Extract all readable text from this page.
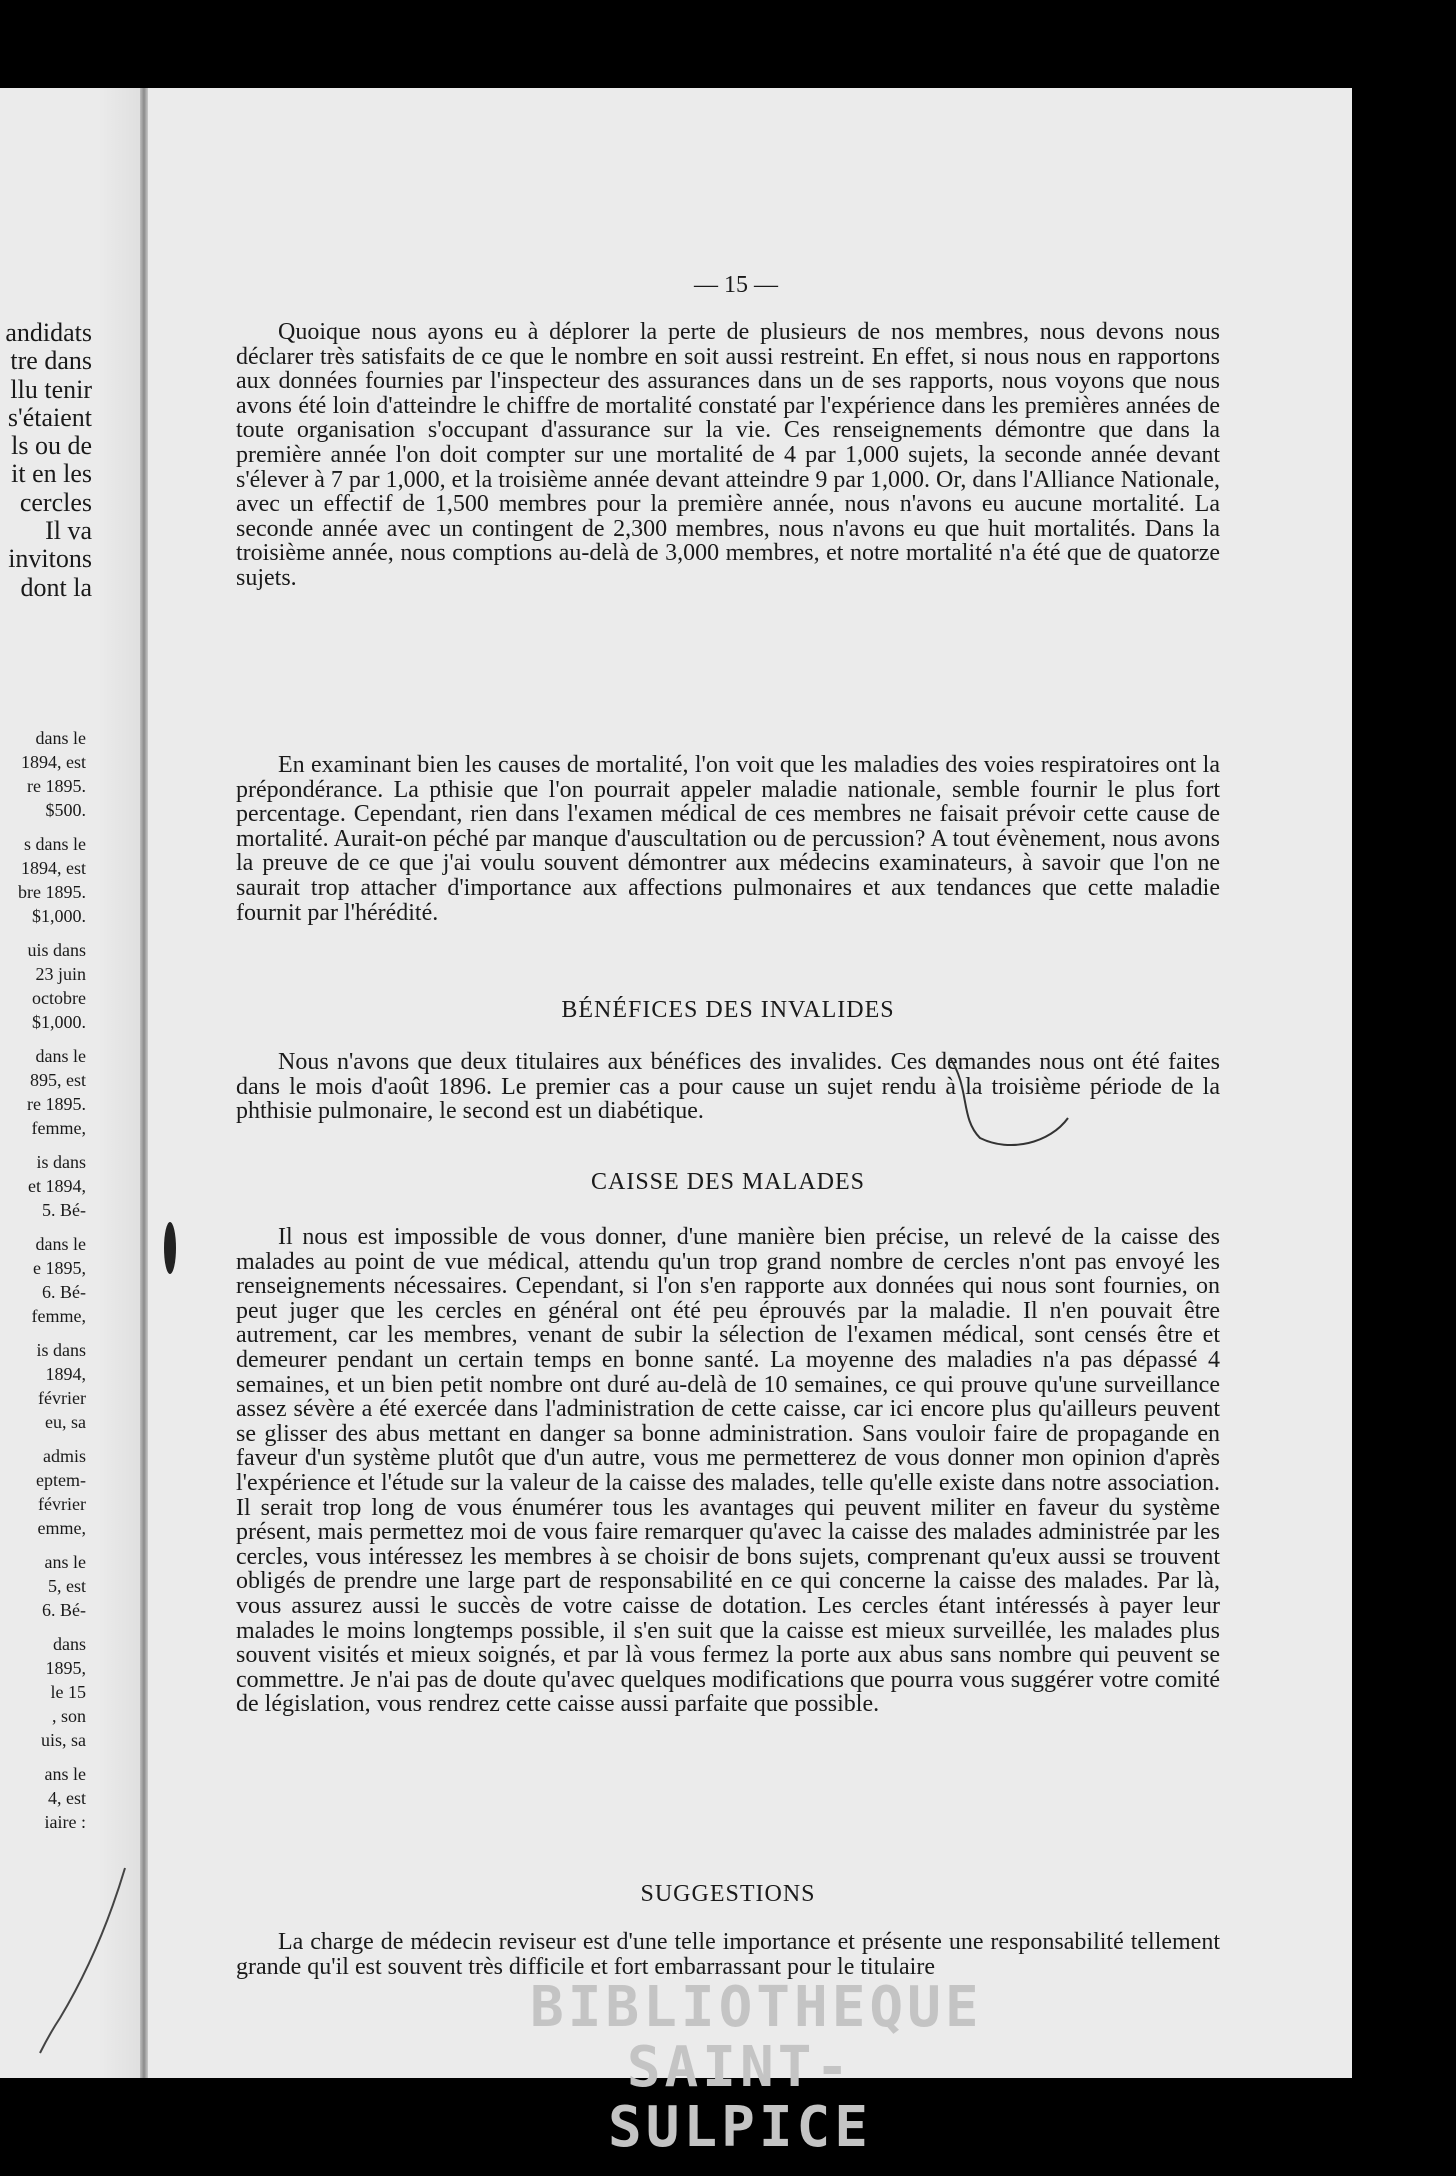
andidats
tre dans
llu tenir
s'étaient
ls ou de
it en les
cercles
Il va
invitons
dont la
dans le
1894, est
re 1895.
$500.
s dans le
1894, est
bre 1895.
$1,000.
uis dans
23 juin
octobre
$1,000.
dans le
895, est
re 1895.
femme,
is dans
et 1894,
5. Bé-
dans le
e 1895,
6. Bé-
femme,
is dans
1894,
février
eu, sa
admis
eptem-
février
emme,
ans le
5, est
6. Bé-
dans
1895,
le 15
, son
uis, sa
ans le
4, est
iaire :
— 15 —

Quoique nous ayons eu à déplorer la perte de plusieurs de nos membres, nous devons nous déclarer très satisfaits de ce que le nombre en soit aussi restreint. En effet, si nous nous en rapportons aux données fournies par l'inspecteur des assurances dans un de ses rapports, nous voyons que nous avons été loin d'atteindre le chiffre de mortalité constaté par l'expérience dans les premières années de toute organisation s'occupant d'assurance sur la vie. Ces renseignements démontre que dans la première année l'on doit compter sur une mortalité de 4 par 1,000 sujets, la seconde année devant s'élever à 7 par 1,000, et la troisième année devant atteindre 9 par 1,000. Or, dans l'Alliance Nationale, avec un effectif de 1,500 membres pour la première année, nous n'avons eu aucune mortalité. La seconde année avec un contingent de 2,300 membres, nous n'avons eu que huit mortalités. Dans la troisième année, nous comptions au-delà de 3,000 membres, et notre mortalité n'a été que de quatorze sujets.

En examinant bien les causes de mortalité, l'on voit que les maladies des voies respiratoires ont la prépondérance. La pthisie que l'on pourrait appeler maladie nationale, semble fournir le plus fort percentage. Cependant, rien dans l'examen médical de ces membres ne faisait prévoir cette cause de mortalité. Aurait-on péché par manque d'auscultation ou de percussion? A tout évènement, nous avons la preuve de ce que j'ai voulu souvent démontrer aux médecins examinateurs, à savoir que l'on ne saurait trop attacher d'importance aux affections pulmonaires et aux tendances que cette maladie fournit par l'hérédité.

BÉNÉFICES DES INVALIDES

Nous n'avons que deux titulaires aux bénéfices des invalides. Ces demandes nous ont été faites dans le mois d'août 1896. Le premier cas a pour cause un sujet rendu à la troisième période de la phthisie pulmonaire, le second est un diabétique.

CAISSE DES MALADES

Il nous est impossible de vous donner, d'une manière bien précise, un relevé de la caisse des malades au point de vue médical, attendu qu'un trop grand nombre de cercles n'ont pas envoyé les renseignements nécessaires. Cependant, si l'on s'en rapporte aux données qui nous sont fournies, on peut juger que les cercles en général ont été peu éprouvés par la maladie. Il n'en pouvait être autrement, car les membres, venant de subir la sélection de l'examen médical, sont censés être et demeurer pendant un certain temps en bonne santé. La moyenne des maladies n'a pas dépassé 4 semaines, et un bien petit nombre ont duré au-delà de 10 semaines, ce qui prouve qu'une surveillance assez sévère a été exercée dans l'administration de cette caisse, car ici encore plus qu'ailleurs peuvent se glisser des abus mettant en danger sa bonne administration. Sans vouloir faire de propagande en faveur d'un système plutôt que d'un autre, vous me permetterez de vous donner mon opinion d'après l'expérience et l'étude sur la valeur de la caisse des malades, telle qu'elle existe dans notre association. Il serait trop long de vous énumérer tous les avantages qui peuvent militer en faveur du système présent, mais permettez moi de vous faire remarquer qu'avec la caisse des malades administrée par les cercles, vous intéressez les membres à se choisir de bons sujets, comprenant qu'eux aussi se trouvent obligés de prendre une large part de responsabilité en ce qui concerne la caisse des malades. Par là, vous assurez aussi le succès de votre caisse de dotation. Les cercles étant intéressés à payer leur malades le moins longtemps possible, il s'en suit que la caisse est mieux surveillée, les malades plus souvent visités et mieux soignés, et par là vous fermez la porte aux abus sans nombre qui peuvent se commettre. Je n'ai pas de doute qu'avec quelques modifications que pourra vous suggérer votre comité de législation, vous rendrez cette caisse aussi parfaite que possible.

SUGGESTIONS

La charge de médecin reviseur est d'une telle importance et présente une responsabilité tellement grande qu'il est souvent très difficile et fort embarrassant pour le titulaire

BIBLIOTHEQUE
SAINT-SULPICE
